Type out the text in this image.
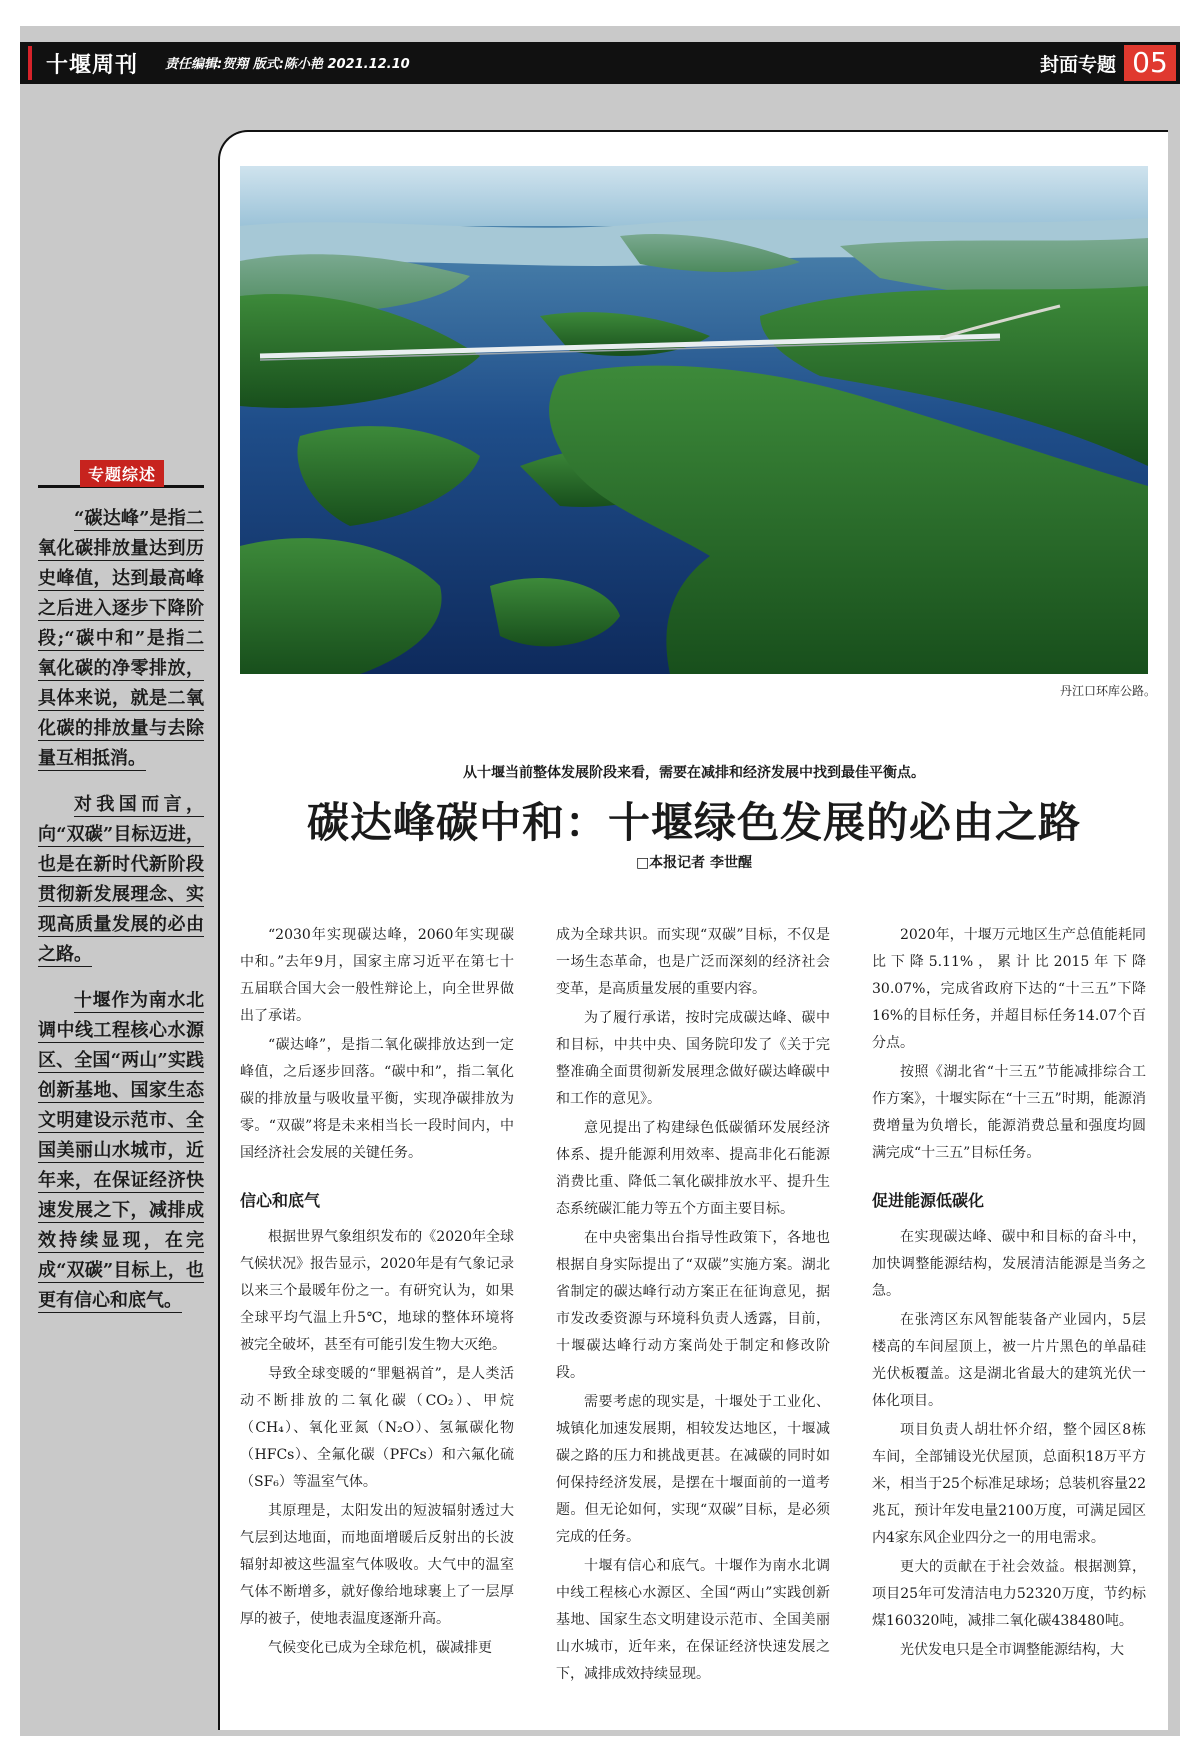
十堰周刊	责任编辑:贺翔 版式:陈小艳 2021.12.10	封面专题 05
专题综述

“碳达峰”是指二氧化碳排放量达到历史峰值，达到最高峰之后进入逐步下降阶段;“碳中和”是指二氧化碳的净零排放，具体来说，就是二氧化碳的排放量与去除量互相抵消。

对我国而言，向“双碳”目标迈进，也是在新时代新阶段贯彻新发展理念、实现高质量发展的必由之路。

十堰作为南水北调中线工程核心水源区、全国“两山”实践创新基地、国家生态文明建设示范市、全国美丽山水城市，近年来，在保证经济快速发展之下，减排成效持续显现，在完成“双碳”目标上，也更有信心和底气。

丹江口环库公路。
从十堰当前整体发展阶段来看，需要在减排和经济发展中找到最佳平衡点。
碳达峰碳中和：十堰绿色发展的必由之路
□本报记者 李世醒

“2030年实现碳达峰，2060年实现碳中和。”去年9月，国家主席习近平在第七十五届联合国大会一般性辩论上，向全世界做出了承诺。

“碳达峰”，是指二氧化碳排放达到一定峰值，之后逐步回落。“碳中和”，指二氧化碳的排放量与吸收量平衡，实现净碳排放为零。“双碳”将是未来相当长一段时间内，中国经济社会发展的关键任务。

信心和底气

根据世界气象组织发布的《2020年全球气候状况》报告显示，2020年是有气象记录以来三个最暖年份之一。有研究认为，如果全球平均气温上升5℃，地球的整体环境将被完全破坏，甚至有可能引发生物大灭绝。

导致全球变暖的“罪魁祸首”，是人类活动不断排放的二氧化碳（CO₂）、甲烷（CH₄）、氧化亚氮（N₂O）、氢氟碳化物（HFCs）、全氟化碳（PFCs）和六氟化硫（SF₆）等温室气体。

其原理是，太阳发出的短波辐射透过大气层到达地面，而地面增暖后反射出的长波辐射却被这些温室气体吸收。大气中的温室气体不断增多，就好像给地球裹上了一层厚厚的被子，使地表温度逐渐升高。

气候变化已成为全球危机，碳减排更

成为全球共识。而实现“双碳”目标，不仅是一场生态革命，也是广泛而深刻的经济社会变革，是高质量发展的重要内容。

为了履行承诺，按时完成碳达峰、碳中和目标，中共中央、国务院印发了《关于完整准确全面贯彻新发展理念做好碳达峰碳中和工作的意见》。

意见提出了构建绿色低碳循环发展经济体系、提升能源利用效率、提高非化石能源消费比重、降低二氧化碳排放水平、提升生态系统碳汇能力等五个方面主要目标。

在中央密集出台指导性政策下，各地也根据自身实际提出了“双碳”实施方案。湖北省制定的碳达峰行动方案正在征询意见，据市发改委资源与环境科负责人透露，目前，十堰碳达峰行动方案尚处于制定和修改阶段。

需要考虑的现实是，十堰处于工业化、城镇化加速发展期，相较发达地区，十堰减碳之路的压力和挑战更甚。在减碳的同时如何保持经济发展，是摆在十堰面前的一道考题。但无论如何，实现“双碳”目标，是必须完成的任务。

十堰有信心和底气。十堰作为南水北调中线工程核心水源区、全国“两山”实践创新基地、国家生态文明建设示范市、全国美丽山水城市，近年来，在保证经济快速发展之下，减排成效持续显现。

2020年，十堰万元地区生产总值能耗同比下降5.11%，累计比2015年下降30.07%，完成省政府下达的“十三五”下降16%的目标任务，并超目标任务14.07个百分点。

按照《湖北省“十三五”节能减排综合工作方案》，十堰实际在“十三五”时期，能源消费增量为负增长，能源消费总量和强度均圆满完成“十三五”目标任务。

促进能源低碳化

在实现碳达峰、碳中和目标的奋斗中，加快调整能源结构，发展清洁能源是当务之急。

在张湾区东风智能装备产业园内，5层楼高的车间屋顶上，被一片片黑色的单晶硅光伏板覆盖。这是湖北省最大的建筑光伏一体化项目。

项目负责人胡壮怀介绍，整个园区8栋车间，全部铺设光伏屋顶，总面积18万平方米，相当于25个标准足球场；总装机容量22兆瓦，预计年发电量2100万度，可满足园区内4家东风企业四分之一的用电需求。

更大的贡献在于社会效益。根据测算，项目25年可发清洁电力52320万度，节约标煤160320吨，减排二氧化碳438480吨。

光伏发电只是全市调整能源结构，大
